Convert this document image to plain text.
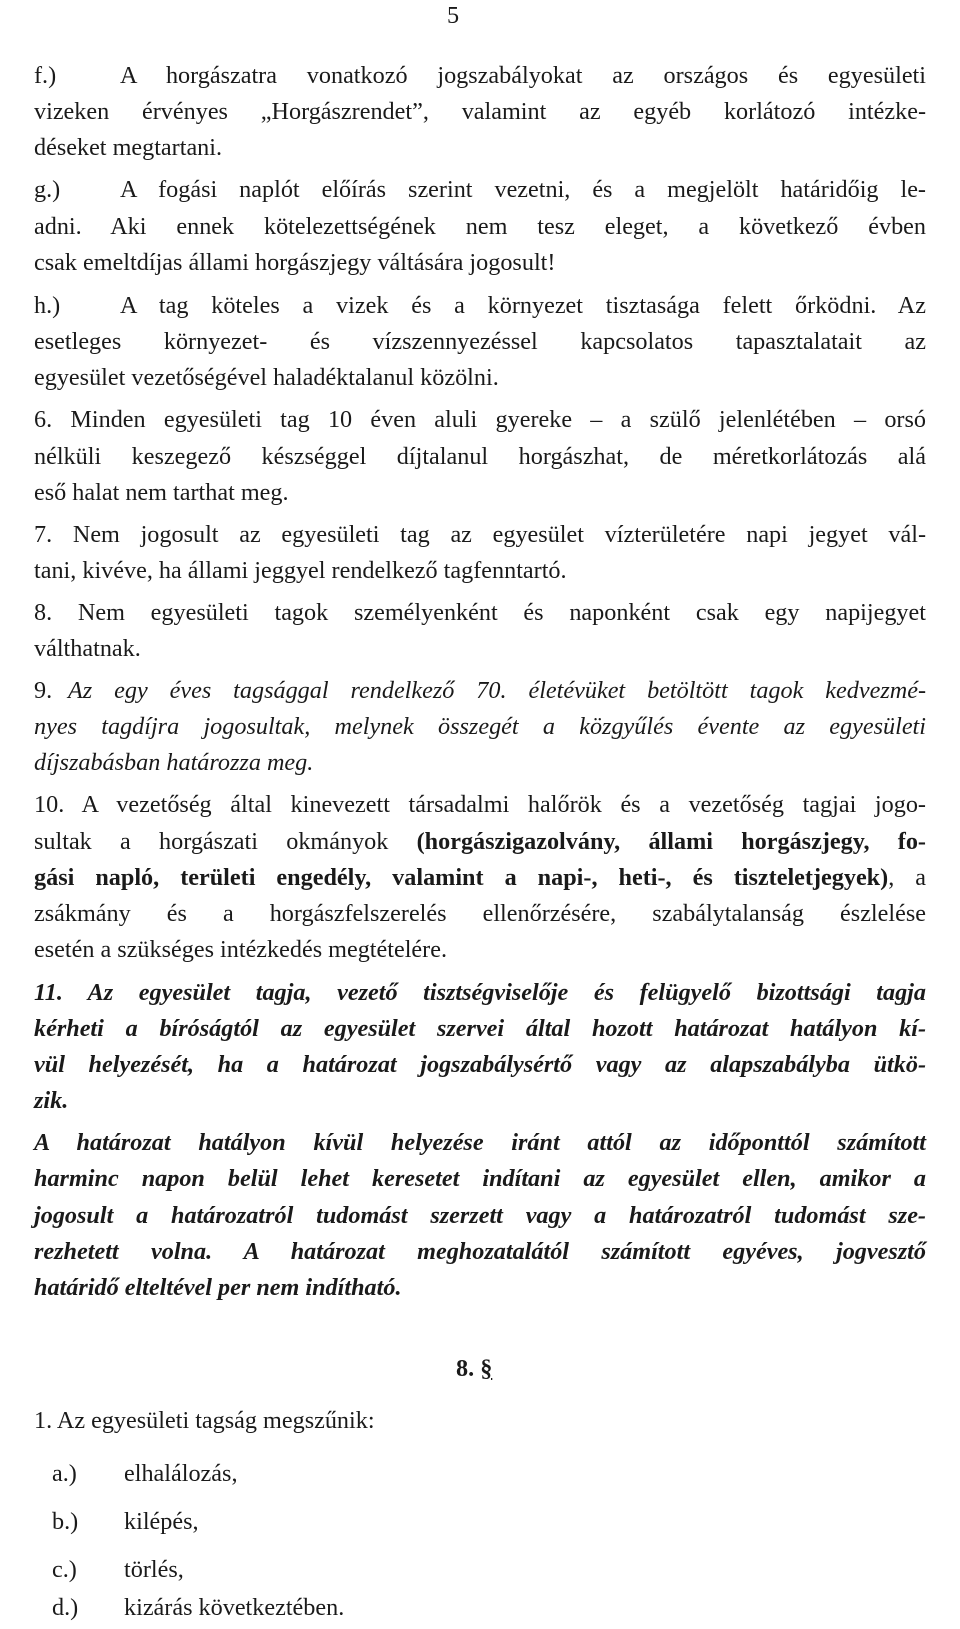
5
f.)	A horgászatra vonatkozó jogszabályokat az országos és egyesületi
vizeken érvényes „Horgászrendet”, valamint az egyéb korlátozó intézke-
déseket megtartani.
g.) A fogási naplót előírás szerint vezetni, és a megjelölt határidőig le-
adni. Aki ennek kötelezettségének nem tesz eleget, a következő évben
csak emeltdíjas állami horgászjegy váltására jogosult!
h.) A tag köteles a vizek és a környezet tisztasága felett őrködni. Az
esetleges környezet- és vízszennyezéssel kapcsolatos tapasztalatait az
egyesület vezetőségével haladéktalanul közölni.
6. Minden egyesületi tag 10 éven aluli gyereke – a szülő jelenlétében – orsó
nélküli keszegező készséggel díjtalanul horgászhat, de méretkorlátozás alá
eső halat nem tarthat meg.
7. Nem jogosult az egyesületi tag az egyesület vízterületére napi jegyet vál-
tani, kivéve, ha állami jeggyel rendelkező tagfenntartó.
8. Nem egyesületi tagok személyenként és naponként csak egy napijegyet
válthatnak.
9. Az egy éves tagsággal rendelkező 70. életévüket betöltött tagok kedvezmé-
nyes tagdíjra jogosultak, melynek összegét a közgyűlés évente az egyesületi
díjszabásban határozza meg.
10. A vezetőség által kinevezett társadalmi halőrök és a vezetőség tagjai jogo-
sultak a horgászati okmányok (horgászigazolvány, állami horgászjegy, fo-
gási napló, területi engedély, valamint a napi-, heti-, és tiszteletjegyek), a
zsákmány és a horgászfelszerelés ellenőrzésére, szabálytalanság észlelése
esetén a szükséges intézkedés megtételére.
11. Az egyesület tagja, vezető tisztségviselője és felügyelő bizottsági tagja
kérheti a bíróságtól az egyesület szervei által hozott határozat hatályon kí-
vül helyezését, ha a határozat jogszabálysértő vagy az alapszabályba ütkö-
zik.
A határozat hatályon kívül helyezése iránt attól az időponttól számított
harminc napon belül lehet keresetet indítani az egyesület ellen, amikor a
jogosult a határozatról tudomást szerzett vagy a határozatról tudomást sze-
rezhetett volna. A határozat meghozatalától számított egyéves, jogvesztő
határidő elteltével per nem indítható.
8. §
1. Az egyesületi tagság megszűnik:
a.) elhalálozás,
b.) kilépés,
c.) törlés,
d.) kizárás következtében.
